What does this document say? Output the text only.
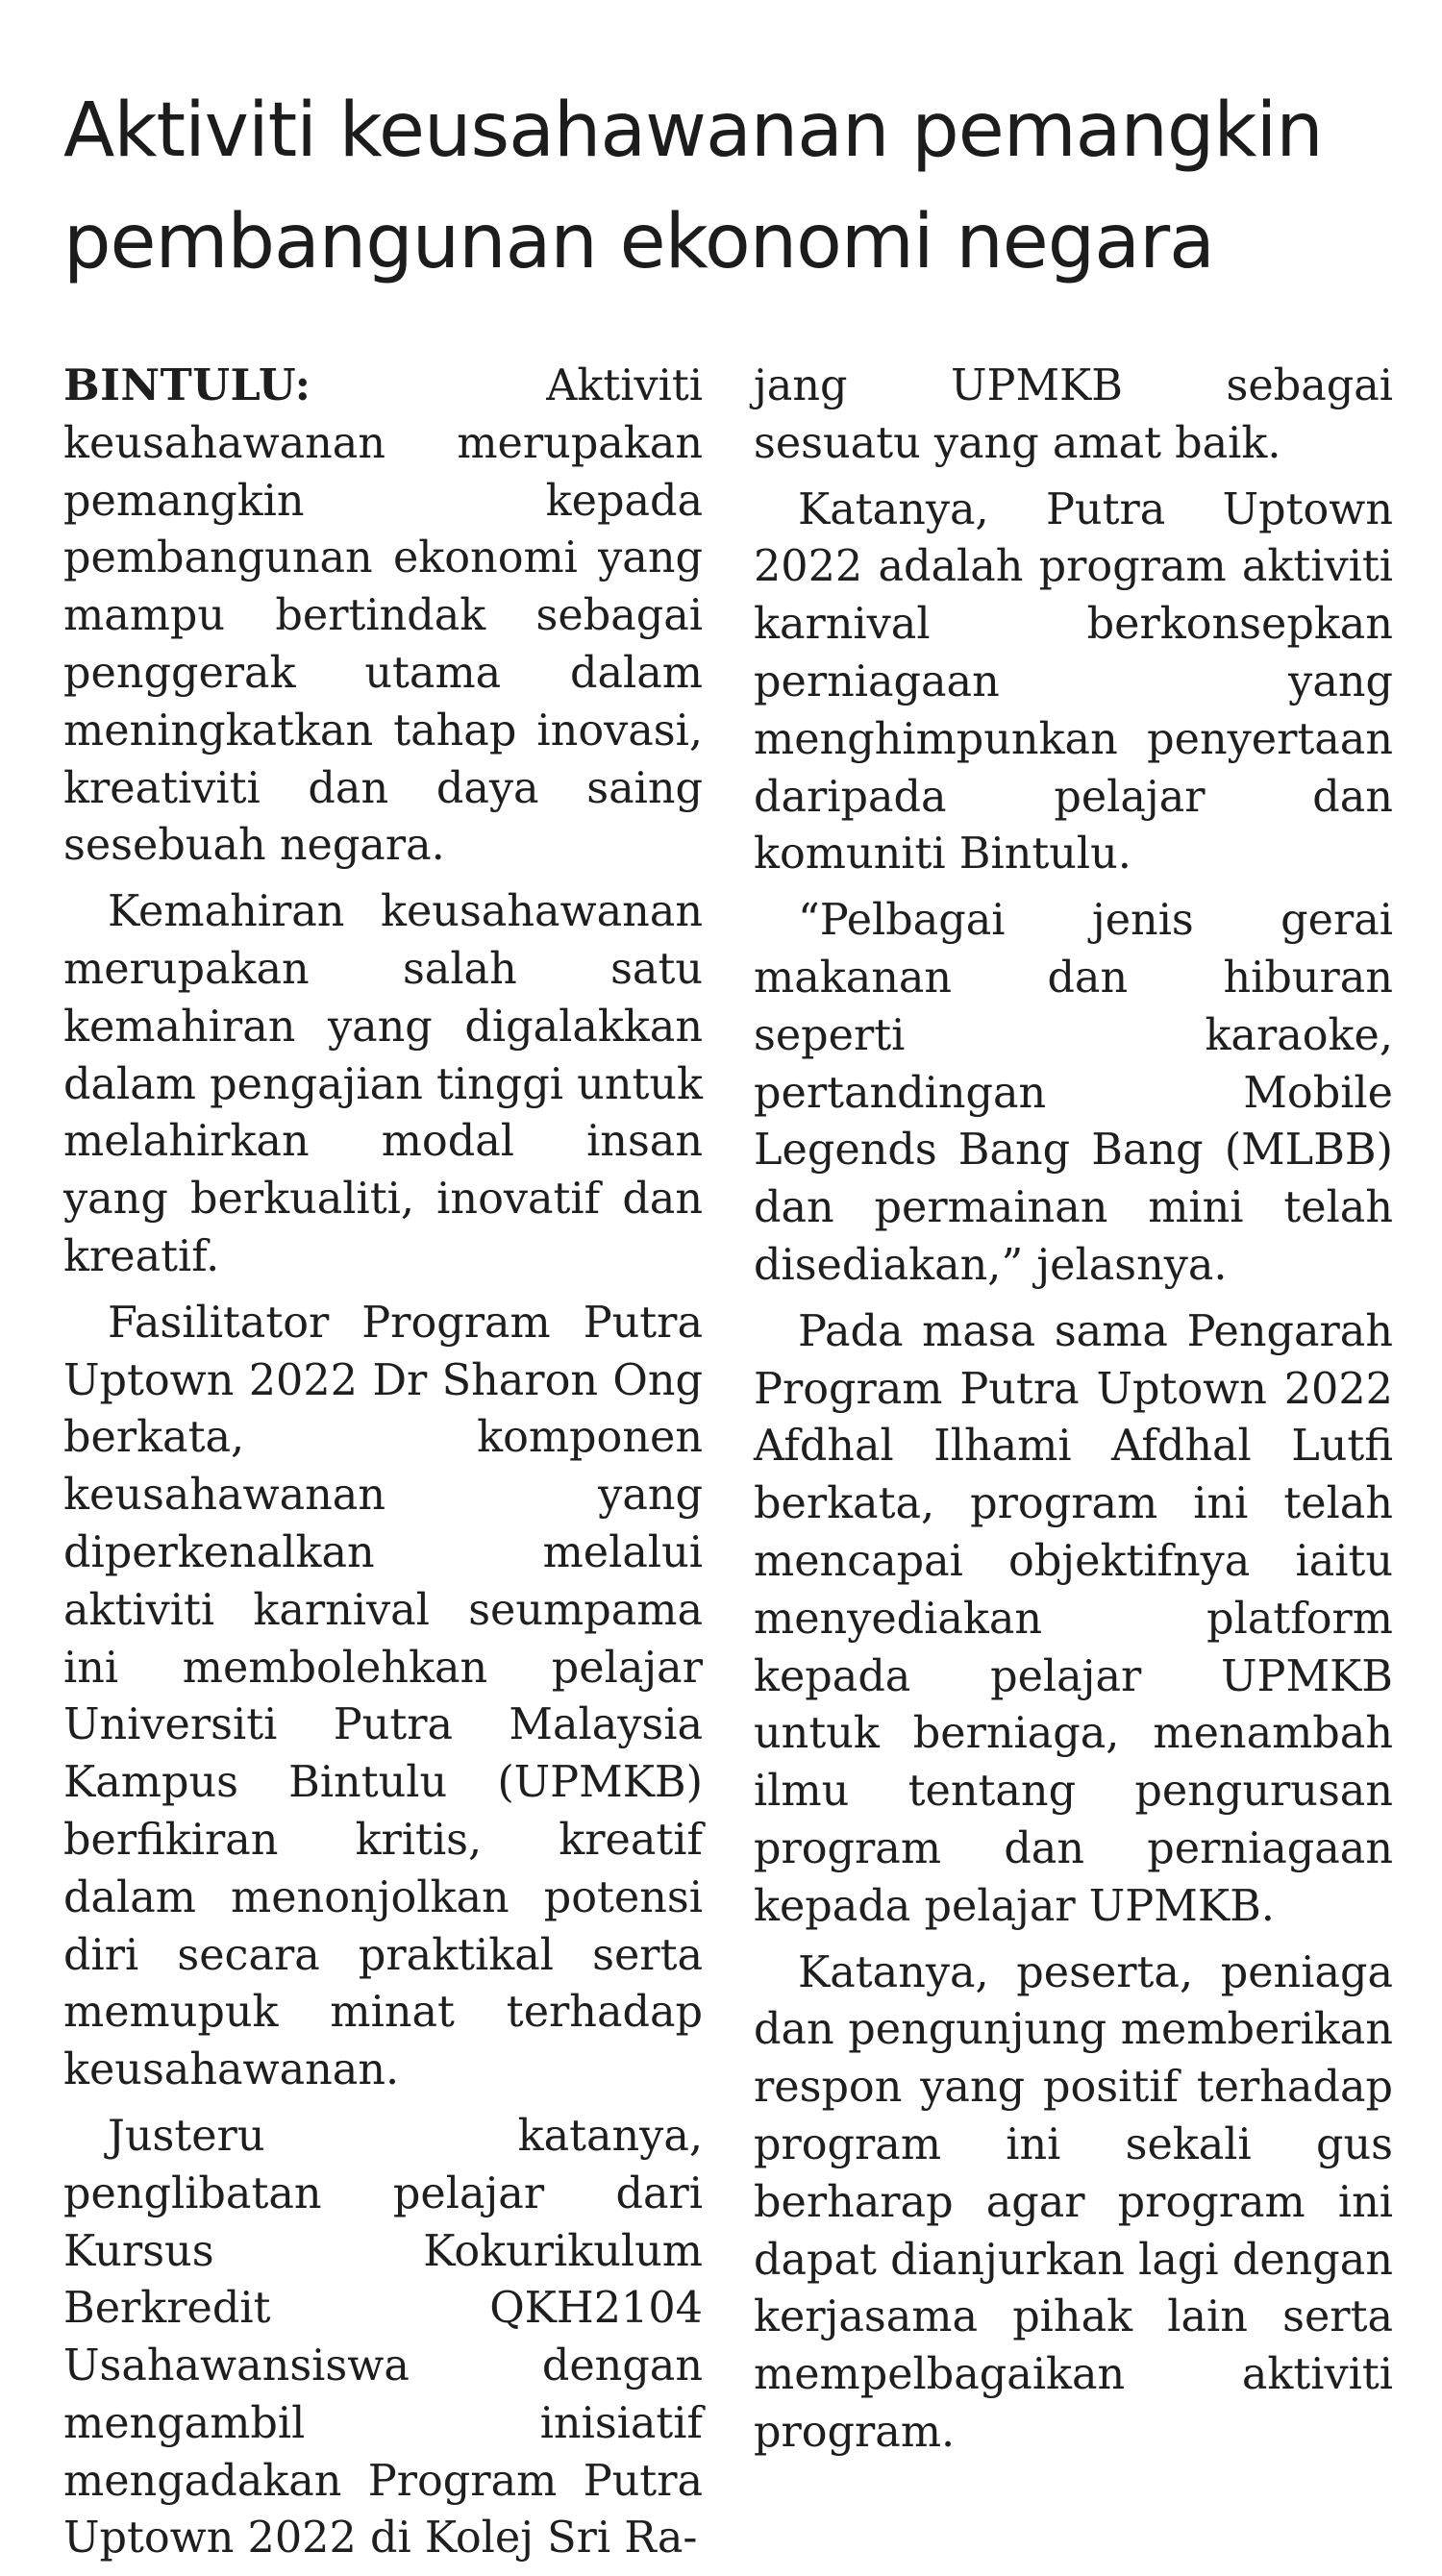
Aktiviti keusahawanan pemangkin
pembangunan ekonomi negara

BINTULU:	Aktiviti keusahawanan merupakan pemangkin kepada pembangunan ekonomi yang mampu bertindak sebagai penggerak utama dalam meningkatkan tahap inovasi, kreativiti dan daya saing sesebuah negara.

Kemahiran keusahawanan merupakan salah satu kemahiran yang digalakkan dalam pengajian tinggi untuk melahirkan modal insan yang berkualiti, inovatif dan kreatif.

Fasilitator Program Putra Uptown 2022 Dr Sharon Ong berkata, komponen keusahawanan yang diperkenalkan melalui aktiviti karnival seumpama ini membolehkan pelajar Universiti Putra Malaysia Kampus Bintulu (UPMKB) berfikiran kritis, kreatif dalam menonjolkan potensi diri secara praktikal serta memupuk minat terhadap keusahawanan.

Justeru katanya, penglibatan pelajar dari Kursus Kokurikulum Berkredit QKH2104 Usahawansiswa dengan mengambil inisiatif mengadakan Program Putra Uptown 2022 di Kolej Sri Ra-

jang UPMKB sebagai sesuatu yang amat baik.

Katanya, Putra Uptown 2022 adalah program aktiviti karnival berkonsepkan perniagaan yang menghimpunkan penyertaan daripada pelajar dan komuniti Bintulu.

“Pelbagai jenis gerai makanan dan hiburan seperti karaoke, pertandingan Mobile Legends Bang Bang (MLBB) dan permainan mini telah disediakan,” jelasnya.

Pada masa sama Pengarah Program Putra Uptown 2022 Afdhal Ilhami Afdhal Lutfi berkata, program ini telah mencapai objektifnya iaitu menyediakan platform kepada pelajar UPMKB untuk berniaga, menambah ilmu tentang pengurusan program dan perniagaan kepada pelajar UPMKB.

Katanya, peserta, peniaga dan pengunjung memberikan respon yang positif terhadap program ini sekali gus berharap agar program ini dapat dianjurkan lagi dengan kerjasama pihak lain serta mempelbagaikan aktiviti program.
